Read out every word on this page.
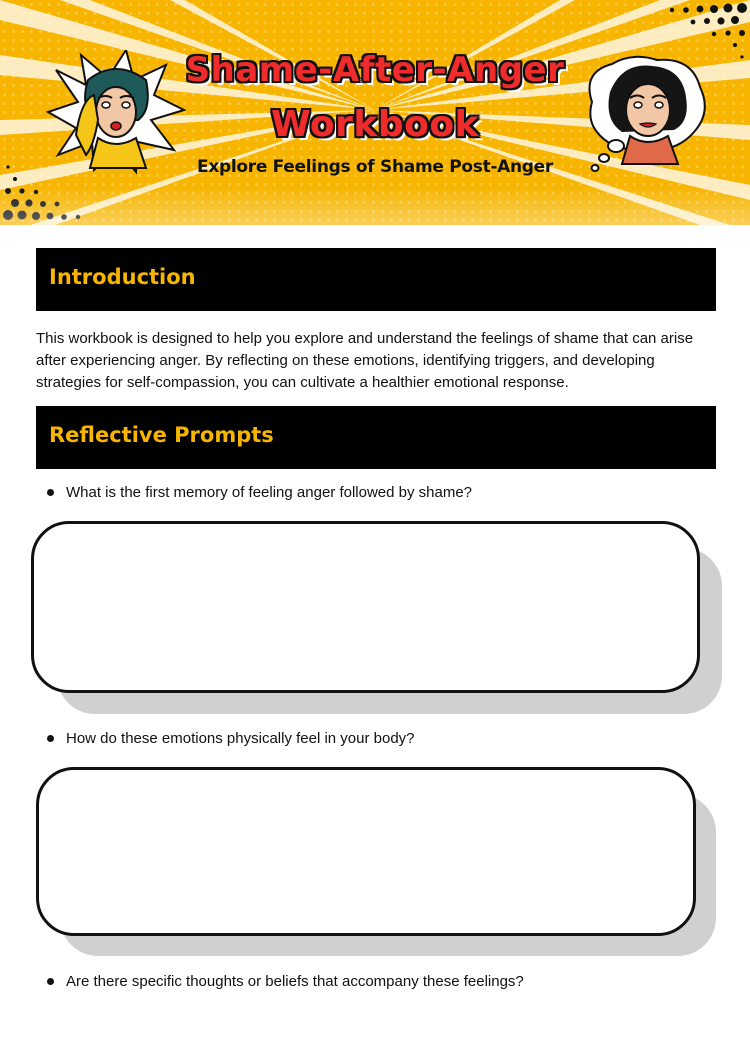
Shame-After-Anger
Workbook
Explore Feelings of Shame Post-Anger
Introduction
This workbook is designed to help you explore and understand the feelings of shame that can arise after experiencing anger. By reflecting on these emotions, identifying triggers, and developing strategies for self-compassion, you can cultivate a healthier emotional response.
Reflective Prompts
What is the first memory of feeling anger followed by shame?
How do these emotions physically feel in your body?
Are there specific thoughts or beliefs that accompany these feelings?
